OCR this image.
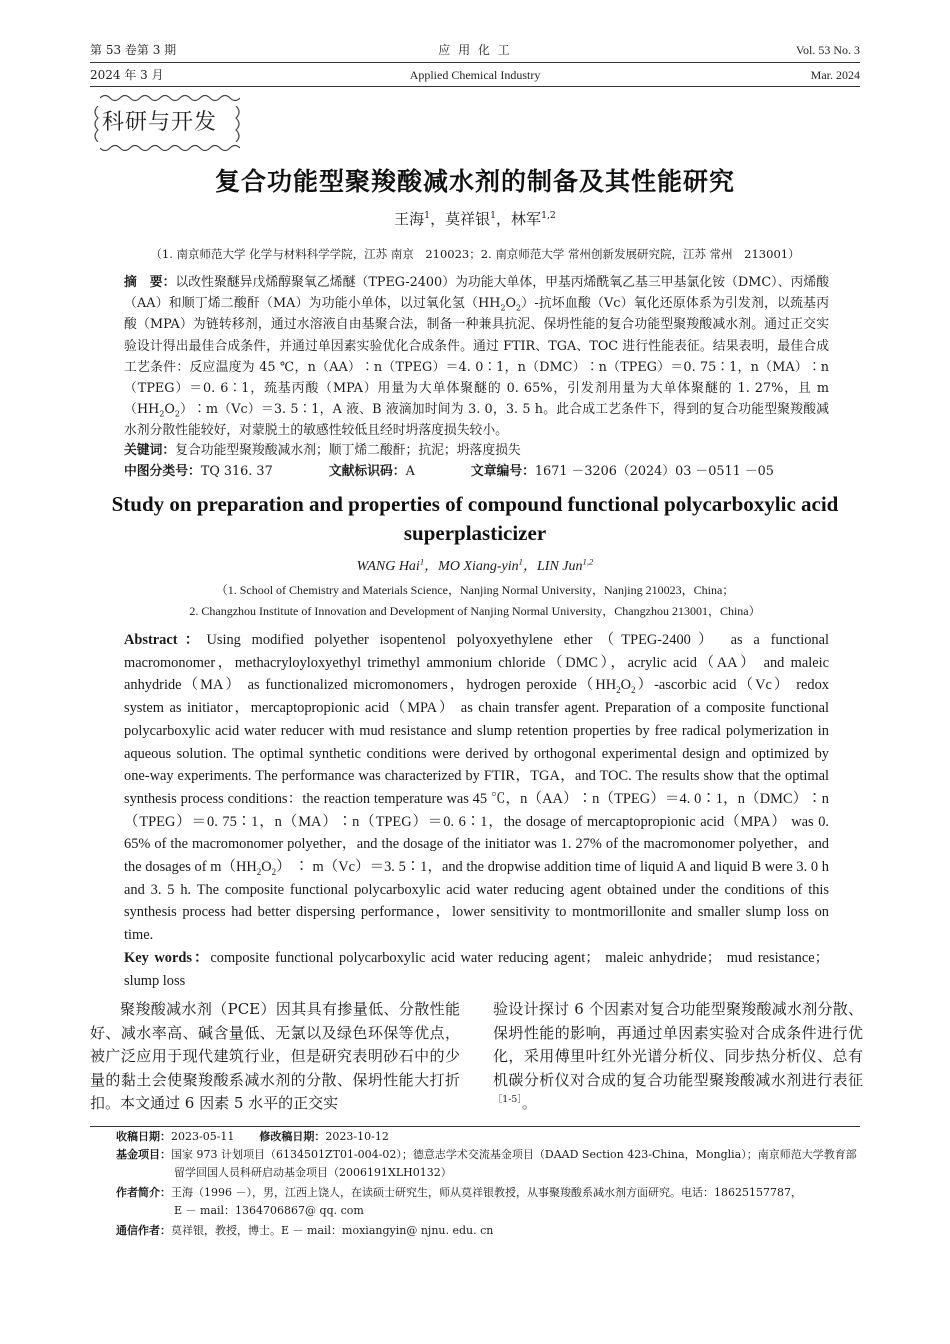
第 53 卷第 3 期
2024 年 3 月
应 用 化 工
Applied Chemical Industry
Vol. 53 No. 3
Mar. 2024
科研与开发
复合功能型聚羧酸减水剂的制备及其性能研究
王海$^1$，莫祥银$^1$，林军$^{1,2}$
（1. 南京师范大学 化学与材料科学学院，江苏 南京　210023；2. 南京师范大学 常州创新发展研究院，江苏 常州　213001）

摘　要：以改性聚醚异戊烯醇聚氧乙烯醚（TPEG-2400）为功能大单体，甲基丙烯酰氧乙基三甲基氯化铵（DMC）、丙烯酸（AA）和顺丁烯二酸酐（MA）为功能小单体，以过氧化氢$(HH_2O_2)-$抗坏血酸（Vc）氧化还原体系为引发剂，以巯基丙酸（MPA）为链转移剂，通过水溶液自由基聚合法，制备一种兼具抗泥、保坍性能的复合功能型聚羧酸减水剂。通过正交实验设计得出最佳合成条件，并通过单因素实验优化合成条件。通过 FTIR、TGA、TOC 进行性能表征。结果表明，最佳合成工艺条件：反应温度为 45 ℃，n（AA）∶n（TPEG）＝4. 0∶1，n（DMC）∶n（TPEG）＝0. 75∶1，n（MA）∶n（TPEG）＝0. 6∶1，巯基丙酸（MPA）用量为大单体聚醚的 0. 65%，引发剂用量为大单体聚醚的 1. 27%，且 $m(HH_2O_2)∶m(Vc)=3$. 5∶1，A 液、B 液滴加时间为 3. 0，3. 5 h。此合成工艺条件下，得到的复合功能型聚羧酸减水剂分散性能较好，对蒙脱土的敏感性较低且经时坍落度损失较小。

关键词：复合功能型聚羧酸减水剂；顺丁烯二酸酐；抗泥；坍落度损失
中图分类号：TQ 316. 37	文献标识码：A	文章编号：1671 －3206（2024）03 －0511 －05
Study on preparation and properties of compound functional polycarboxylic acid superplasticizer
WANG Hai$^1$，MO Xiang-yin$^1$，LIN Jun$^{1,2}$
（1. School of Chemistry and Materials Science，Nanjing Normal University，Nanjing 210023，China；
2. Changzhou Institute of Innovation and Development of Nanjing Normal University，Changzhou 213001，China）

Abstract：Using modified polyether isopentenol polyoxyethylene ether（TPEG-2400） as a functional macromonomer，methacryloyloxyethyl trimethyl ammonium chloride（DMC），acrylic acid（AA） and maleic anhydride（MA） as functionalized micromonomers，hydrogen $peroxide(HH_2O_2)$-ascorbic acid（Vc） redox system as initiator，mercaptopropionic acid（MPA） as chain transfer agent. Preparation of a composite functional polycarboxylic acid water reducer with mud resistance and slump retention properties by free radical polymerization in aqueous solution. The optimal synthetic conditions were derived by orthogonal experimental design and optimized by one-way experiments. The performance was characterized by FTIR，TGA，and TOC. The results show that the optimal synthesis process conditions：the reaction temperature was 45 ℃，n（AA）∶n（TPEG）＝4. 0∶1，n（DMC）∶n（TPEG）＝0. 75∶1，n（MA）∶n（TPEG）＝0. 6∶1，the dosage of mercaptopropionic acid（MPA） was 0. 65% of the macromonomer polyether，and the dosage of the initiator was 1. 27% of the macromonomer polyether，and the dosages of $m(HH_2O_2)$ ∶ m（Vc）＝3. 5∶1，and the dropwise addition time of liquid A and liquid B were 3. 0 h and 3. 5 h. The composite functional polycarboxylic acid water reducing agent obtained under the conditions of this synthesis process had better dispersing performance，lower sensitivity to montmorillonite and smaller slump loss on time.

Key words：composite functional polycarboxylic acid water reducing agent； maleic anhydride； mud resistance； slump loss

聚羧酸减水剂（PCE）因其具有掺量低、分散性能好、减水率高、碱含量低、无氯以及绿色环保等优点，被广泛应用于现代建筑行业，但是研究表明砂石中的少量的黏土会使聚羧酸系减水剂的分散、保坍性能大打折扣。本文通过 6 因素 5 水平的正交实

验设计探讨 6 个因素对复合功能型聚羧酸减水剂分散、保坍性能的影响，再通过单因素实验对合成条件进行优化，采用傅里叶红外光谱分析仪、同步热分析仪、总有机碳分析仪对合成的复合功能型聚羧酸减水剂进行表征$^{[1-5]}$。

收稿日期：2023-05-11 修改稿日期：2023-10-12
基金项目：国家 973 计划项目（6134501ZT01-004-02）；德意志学术交流基金项目（DAAD Section 423-China，Monglia）；南京师范大学教育部
留学回国人员科研启动基金项目（2006191XLH0132）
作者简介：王海（1996 －），男，江西上饶人，在读硕士研究生，师从莫祥银教授，从事聚羧酸系减水剂方面研究。电话：18625157787，
E － mail：1364706867@ qq. com
通信作者：莫祥银，教授，博士。E － mail：moxiangyin@ njnu. edu. cn
